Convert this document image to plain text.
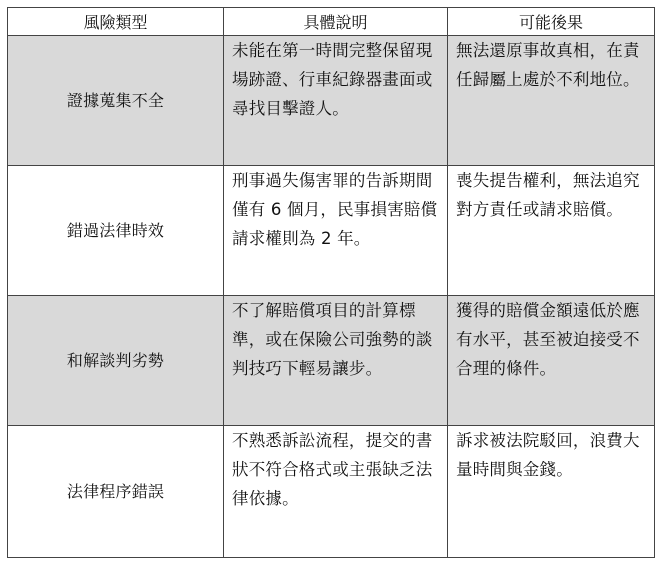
風險類型	具體說明	可能後果
證據蒐集不全	未能在第一時間完整保留現場跡證、行車紀錄器畫面或尋找目擊證人。	無法還原事故真相，在責任歸屬上處於不利地位。
錯過法律時效	刑事過失傷害罪的告訴期間僅有 6 個月，民事損害賠償請求權則為 2 年。	喪失提告權利，無法追究對方責任或請求賠償。
和解談判劣勢	不了解賠償項目的計算標準，或在保險公司強勢的談判技巧下輕易讓步。	獲得的賠償金額遠低於應有水平，甚至被迫接受不合理的條件。
法律程序錯誤	不熟悉訴訟流程，提交的書狀不符合格式或主張缺乏法律依據。	訴求被法院駁回，浪費大量時間與金錢。
